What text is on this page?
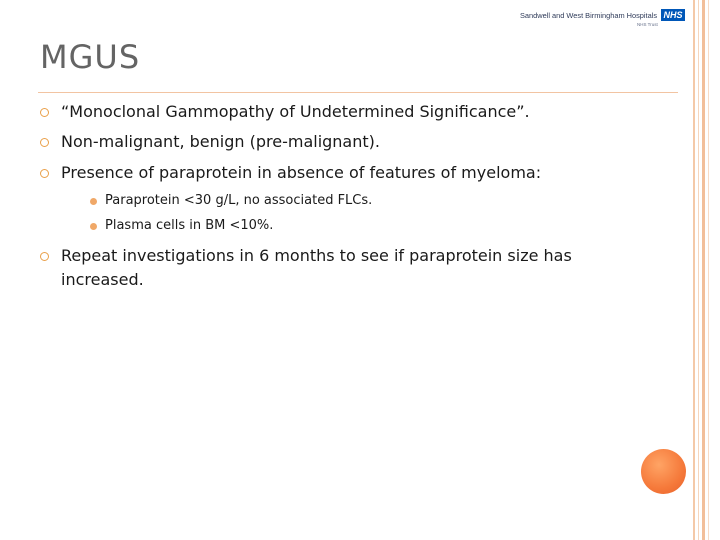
Sandwell and West Birmingham Hospitals NHS
NHS Trust
MGUS
“Monoclonal Gammopathy of Undetermined Significance”.
Non-malignant, benign (pre-malignant).
Presence of paraprotein in absence of features of myeloma:
Paraprotein <30 g/L, no associated FLCs.
Plasma cells in BM <10%.
Repeat investigations in 6 months to see if paraprotein size has increased.
